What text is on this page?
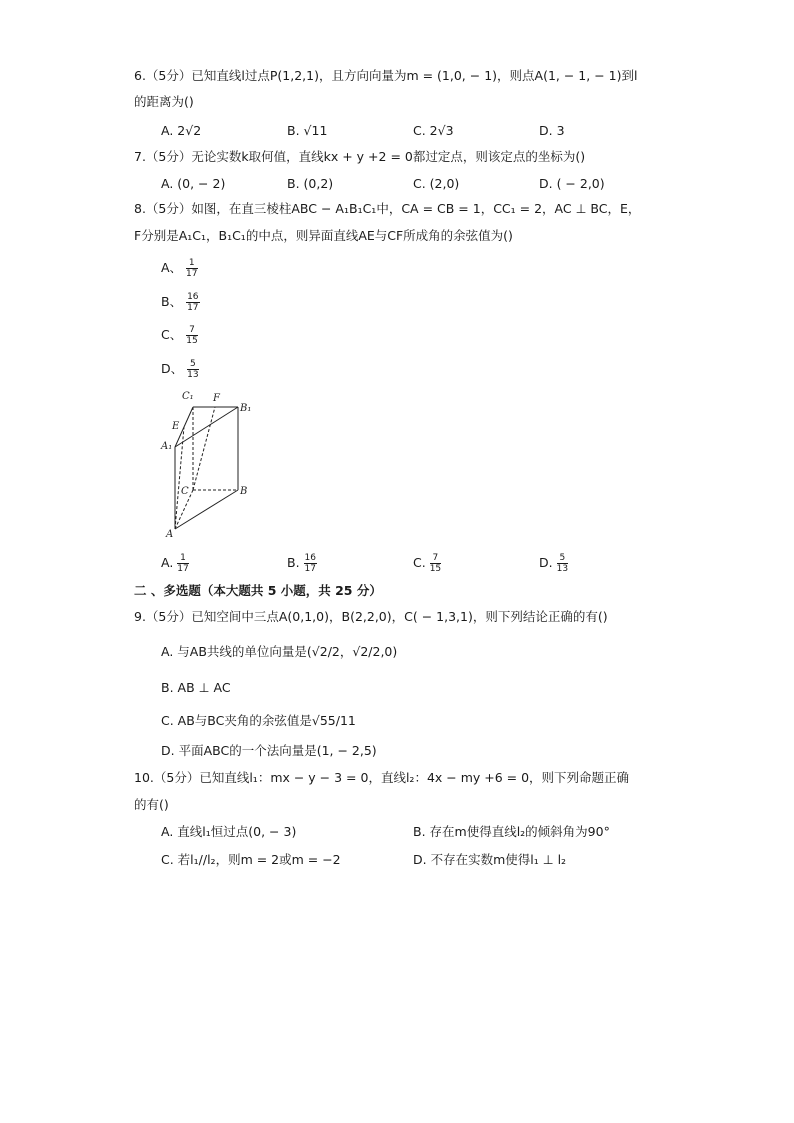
6.（5分）已知直线l过点P(1,2,1)，且方向向量为m = (1,0, − 1)，则点A(1, − 1, − 1)到l
的距离为()
A. 2√2	B. √11	C. 2√3	D. 3
7.（5分）无论实数k取何值，直线kx + y +2 = 0都过定点，则该定点的坐标为()
A. (0, − 2)	B. (0,2)	C. (2,0)	D. ( − 2,0)
8.（5分）如图，在直三棱柱ABC − A₁B₁C₁中，CA = CB = 1，CC₁ = 2，AC ⊥ BC，E，
F分别是A₁C₁，B₁C₁的中点，则异面直线AE与CF所成角的余弦值为()
A、 $\frac{1}{17}$
B、 $\frac{16}{17}$
C、 $\frac{7}{15}$
D、 $\frac{5}{13}$
C₁ F
B₁
E
A₁
C	B
A
A. $\frac{1}{17}$	B. $\frac{16}{17}$	C. $\frac{7}{15}$	D. $\frac{5}{13}$
二 、多选题（本大题共 5 小题，共 25 分）
9.（5分）已知空间中三点A(0,1,0)，B(2,2,0)，C( − 1,3,1)，则下列结论正确的有()
A. 与AB共线的单位向量是(√2/2，√2/2,0)
B. AB ⊥ AC
C. AB与BC夹角的余弦值是√55/11
D. 平面ABC的一个法向量是(1, − 2,5)
10.（5分）已知直线l₁：mx − y − 3 = 0，直线l₂：4x − my +6 = 0，则下列命题正确
的有()
A. 直线l₁恒过点(0, − 3)	B. 存在m使得直线l₂的倾斜角为90°
C. 若l₁//l₂，则m = 2或m = −2	D. 不存在实数m使得l₁ ⊥ l₂
